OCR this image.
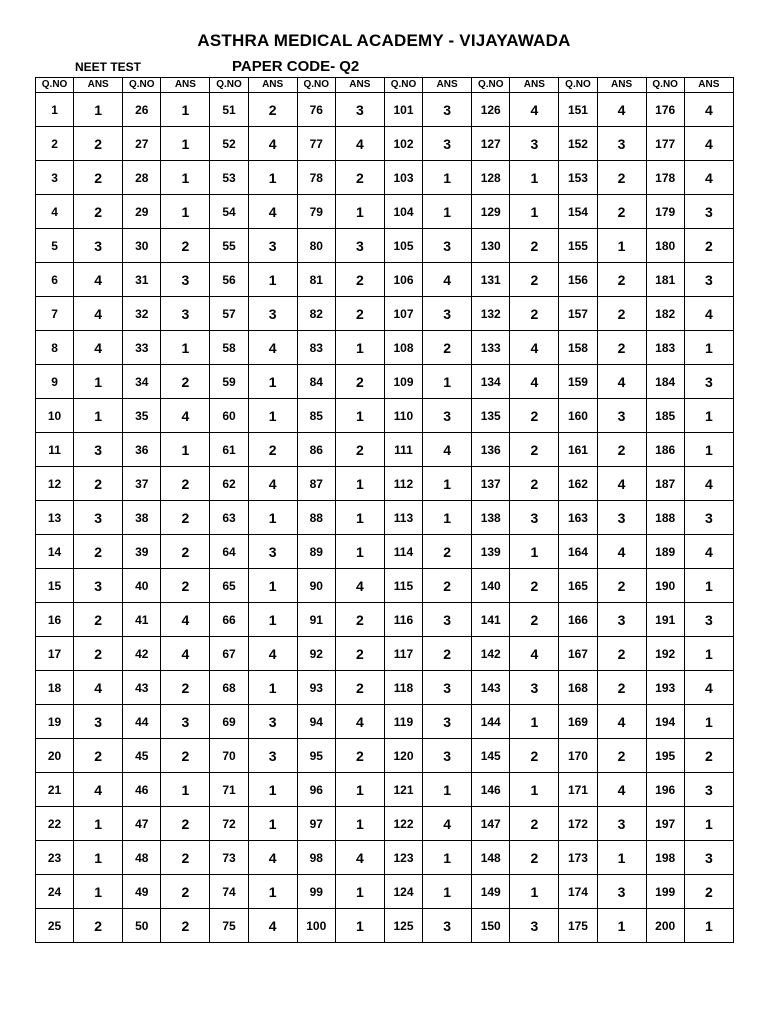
ASTHRA MEDICAL ACADEMY - VIJAYAWADA
NEET TEST	PAPER CODE- Q2
Q.NO	ANS	Q.NO	ANS	Q.NO	ANS	Q.NO	ANS	Q.NO	ANS	Q.NO	ANS	Q.NO	ANS	Q.NO	ANS
1	1	26	1	51	2	76	3	101	3	126	4	151	4	176	4
2	2	27	1	52	4	77	4	102	3	127	3	152	3	177	4
3	2	28	1	53	1	78	2	103	1	128	1	153	2	178	4
4	2	29	1	54	4	79	1	104	1	129	1	154	2	179	3
5	3	30	2	55	3	80	3	105	3	130	2	155	1	180	2
6	4	31	3	56	1	81	2	106	4	131	2	156	2	181	3
7	4	32	3	57	3	82	2	107	3	132	2	157	2	182	4
8	4	33	1	58	4	83	1	108	2	133	4	158	2	183	1
9	1	34	2	59	1	84	2	109	1	134	4	159	4	184	3
10	1	35	4	60	1	85	1	110	3	135	2	160	3	185	1
11	3	36	1	61	2	86	2	111	4	136	2	161	2	186	1
12	2	37	2	62	4	87	1	112	1	137	2	162	4	187	4
13	3	38	2	63	1	88	1	113	1	138	3	163	3	188	3
14	2	39	2	64	3	89	1	114	2	139	1	164	4	189	4
15	3	40	2	65	1	90	4	115	2	140	2	165	2	190	1
16	2	41	4	66	1	91	2	116	3	141	2	166	3	191	3
17	2	42	4	67	4	92	2	117	2	142	4	167	2	192	1
18	4	43	2	68	1	93	2	118	3	143	3	168	2	193	4
19	3	44	3	69	3	94	4	119	3	144	1	169	4	194	1
20	2	45	2	70	3	95	2	120	3	145	2	170	2	195	2
21	4	46	1	71	1	96	1	121	1	146	1	171	4	196	3
22	1	47	2	72	1	97	1	122	4	147	2	172	3	197	1
23	1	48	2	73	4	98	4	123	1	148	2	173	1	198	3
24	1	49	2	74	1	99	1	124	1	149	1	174	3	199	2
25	2	50	2	75	4	100	1	125	3	150	3	175	1	200	1
